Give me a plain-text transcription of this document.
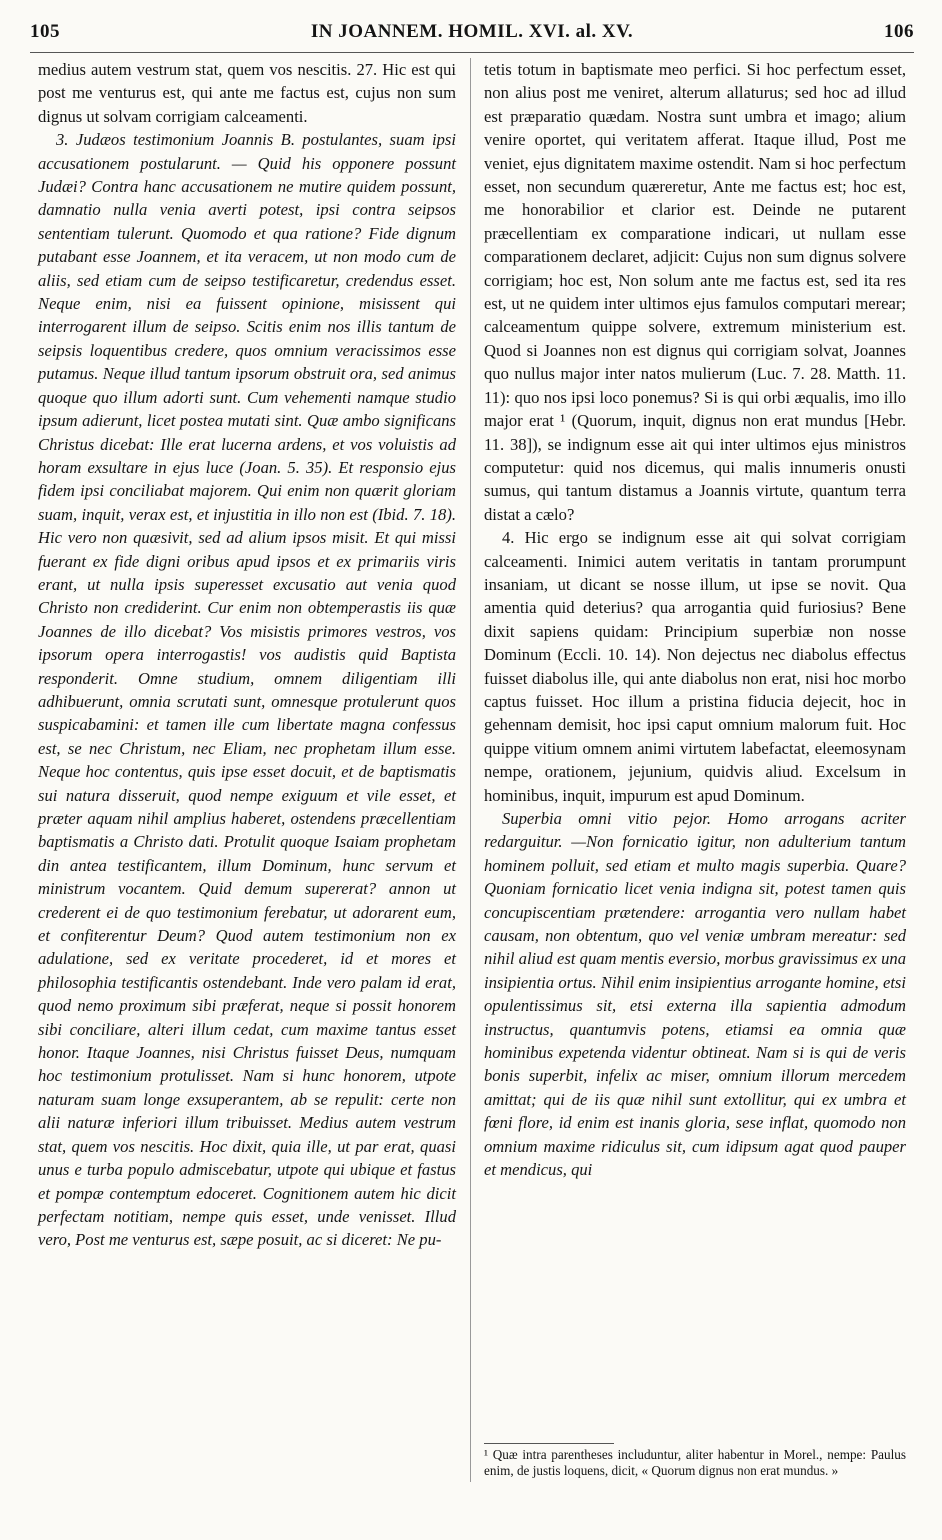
105	IN JOANNEM. HOMIL. XVI. al. XV.	106

medius autem vestrum stat, quem vos nescitis. 27. Hic est qui post me venturus est, qui ante me factus est, cujus non sum dignus ut solvam corrigiam calceamenti.

3. Judæos testimonium Joannis B. postulantes, suam ipsi accusationem postularunt. — Quid his opponere possunt Judæi? Contra hanc accusationem ne mutire quidem possunt, damnatio nulla venia averti potest, ipsi contra seipsos sententiam tulerunt. Quomodo et qua ratione? Fide dignum putabant esse Joannem, et ita veracem, ut non modo cum de aliis, sed etiam cum de seipso testificaretur, credendus esset. Neque enim, nisi ea fuissent opinione, misissent qui interrogarent illum de seipso. Scitis enim nos illis tantum de seipsis loquentibus credere, quos omnium veracissimos esse putamus. Neque illud tantum ipsorum obstruit ora, sed animus quoque quo illum adorti sunt. Cum vehementi namque studio ipsum adierunt, licet postea mutati sint. Quæ ambo significans Christus dicebat: Ille erat lucerna ardens, et vos voluistis ad horam exsultare in ejus luce (Joan. 5. 35). Et responsio ejus fidem ipsi conciliabat majorem. Qui enim non quærit gloriam suam, inquit, verax est, et injustitia in illo non est (Ibid. 7. 18). Hic vero non quæsivit, sed ad alium ipsos misit. Et qui missi fuerant ex fide digni oribus apud ipsos et ex primariis viris erant, ut nulla ipsis superesset excusatio aut venia quod Christo non crediderint. Cur enim non obtemperastis iis quæ Joannes de illo dicebat? Vos misistis primores vestros, vos ipsorum opera interrogastis! vos audistis quid Baptista responderit. Omne studium, omnem diligentiam illi adhibuerunt, omnia scrutati sunt, omnesque protulerunt quos suspicabamini: et tamen ille cum libertate magna confessus est, se nec Christum, nec Eliam, nec prophetam illum esse. Neque hoc contentus, quis ipse esset docuit, et de baptismatis sui natura disseruit, quod nempe exiguum et vile esset, et præter aquam nihil amplius haberet, ostendens præcellentiam baptismatis a Christo dati. Protulit quoque Isaiam prophetam din antea testificantem, illum Dominum, hunc servum et ministrum vocantem. Quid demum supererat? annon ut crederent ei de quo testimonium ferebatur, ut adorarent eum, et confiterentur Deum? Quod autem testimonium non ex adulatione, sed ex veritate procederet, id et mores et philosophia testificantis ostendebant. Inde vero palam id erat, quod nemo proximum sibi præferat, neque si possit honorem sibi conciliare, alteri illum cedat, cum maxime tantus esset honor. Itaque Joannes, nisi Christus fuisset Deus, numquam hoc testimonium protulisset. Nam si hunc honorem, utpote naturam suam longe exsuperantem, ab se repulit: certe non alii naturæ inferiori illum tribuisset. Medius autem vestrum stat, quem vos nescitis. Hoc dixit, quia ille, ut par erat, quasi unus e turba populo admiscebatur, utpote qui ubique et fastus et pompæ contemptum edoceret. Cognitionem autem hic dicit perfectam notitiam, nempe quis esset, unde venisset. Illud vero, Post me venturus est, sæpe posuit, ac si diceret: Ne pu-

tetis totum in baptismate meo perfici. Si hoc perfectum esset, non alius post me veniret, alterum allaturus; sed hoc ad illud est præparatio quædam. Nostra sunt umbra et imago; alium venire oportet, qui veritatem afferat. Itaque illud, Post me veniet, ejus dignitatem maxime ostendit. Nam si hoc perfectum esset, non secundum quæreretur, Ante me factus est; hoc est, me honorabilior et clarior est. Deinde ne putarent præcellentiam ex comparatione indicari, ut nullam esse comparationem declaret, adjicit: Cujus non sum dignus solvere corrigiam; hoc est, Non solum ante me factus est, sed ita res est, ut ne quidem inter ultimos ejus famulos computari merear; calceamentum quippe solvere, extremum ministerium est. Quod si Joannes non est dignus qui corrigiam solvat, Joannes quo nullus major inter natos mulierum (Luc. 7. 28. Matth. 11. 11): quo nos ipsi loco ponemus? Si is qui orbi æqualis, imo illo major erat ¹ (Quorum, inquit, dignus non erat mundus [Hebr. 11. 38]), se indignum esse ait qui inter ultimos ejus ministros computetur: quid nos dicemus, qui malis innumeris onusti sumus, qui tantum distamus a Joannis virtute, quantum terra distat a cælo?

4. Hic ergo se indignum esse ait qui solvat corrigiam calceamenti. Inimici autem veritatis in tantam prorumpunt insaniam, ut dicant se nosse illum, ut ipse se novit. Qua amentia quid deterius? qua arrogantia quid furiosius? Bene dixit sapiens quidam: Principium superbiæ non nosse Dominum (Eccli. 10. 14). Non dejectus nec diabolus effectus fuisset diabolus ille, qui ante diabolus non erat, nisi hoc morbo captus fuisset. Hoc illum a pristina fiducia dejecit, hoc in gehennam demisit, hoc ipsi caput omnium malorum fuit. Hoc quippe vitium omnem animi virtutem labefactat, eleemosynam nempe, orationem, jejunium, quidvis aliud. Excelsum in hominibus, inquit, impurum est apud Dominum.

Superbia omni vitio pejor. Homo arrogans acriter redarguitur. —Non fornicatio igitur, non adulterium tantum hominem polluit, sed etiam et multo magis superbia. Quare? Quoniam fornicatio licet venia indigna sit, potest tamen quis concupiscentiam prætendere: arrogantia vero nullam habet causam, non obtentum, quo vel veniæ umbram mereatur: sed nihil aliud est quam mentis eversio, morbus gravissimus ex una insipientia ortus. Nihil enim insipientius arrogante homine, etsi opulentissimus sit, etsi externa illa sapientia admodum instructus, quantumvis potens, etiamsi ea omnia quæ hominibus expetenda videntur obtineat. Nam si is qui de veris bonis superbit, infelix ac miser, omnium illorum mercedem amittat; qui de iis quæ nihil sunt extollitur, qui ex umbra et fœni flore, id enim est inanis gloria, sese inflat, quomodo non omnium maxime ridiculus sit, cum idipsum agat quod pauper et mendicus, qui

¹ Quæ intra parentheses includuntur, aliter habentur in Morel., nempe: Paulus enim, de justis loquens, dicit, « Quorum dignus non erat mundus. »
